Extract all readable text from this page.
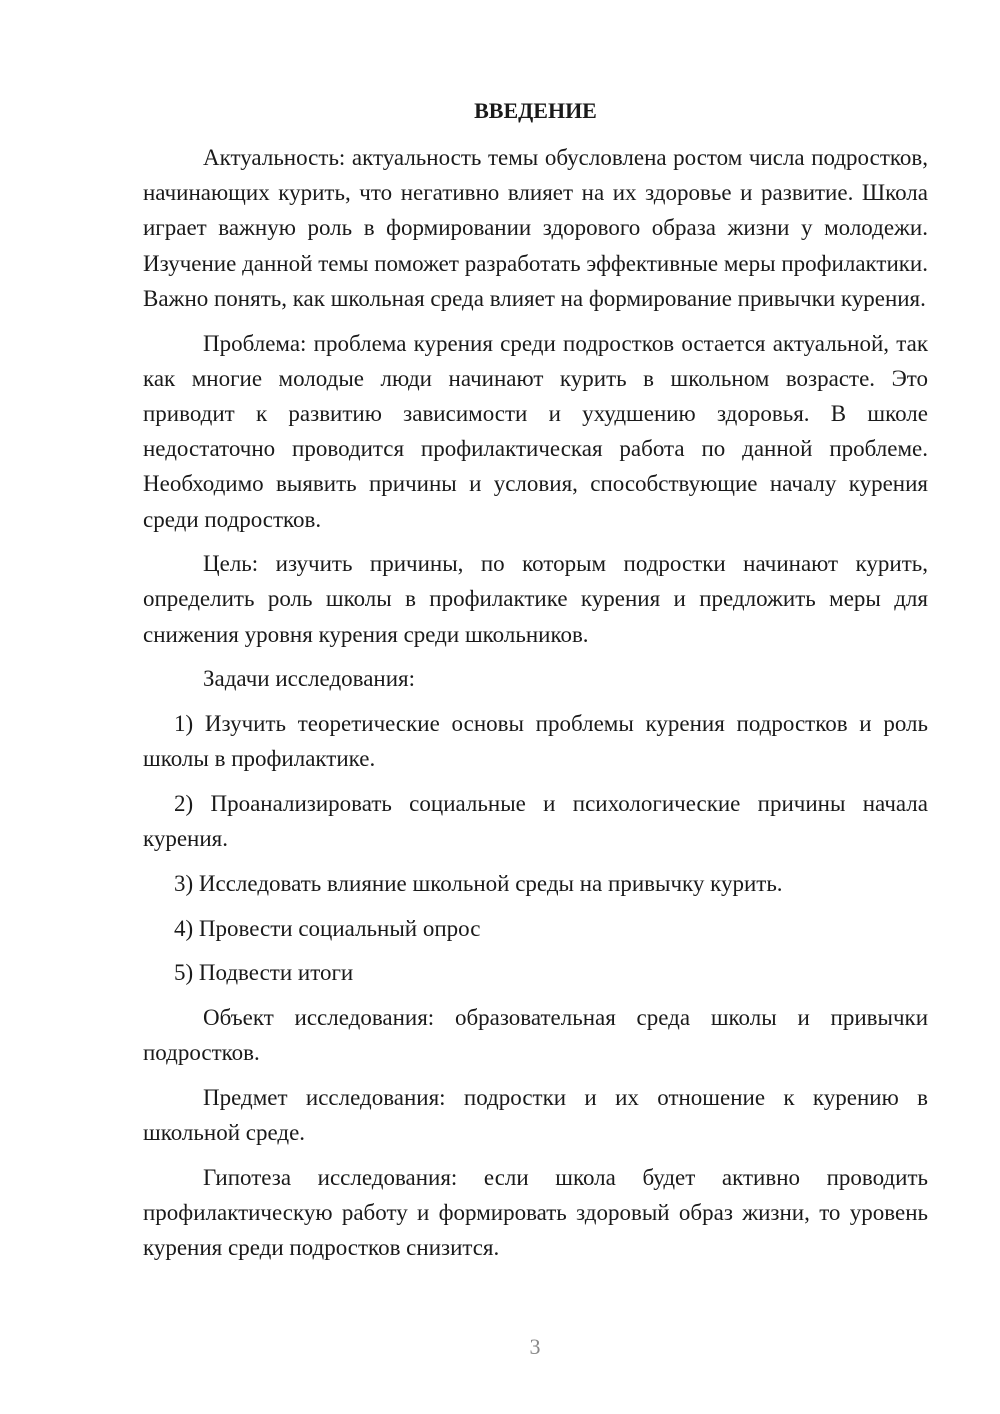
ВВЕДЕНИЕ

Актуальность: актуальность темы обусловлена ростом числа подростков, начинающих курить, что негативно влияет на их здоровье и развитие. Школа играет важную роль в формировании здорового образа жизни у молодежи. Изучение данной темы поможет разработать эффективные меры профилактики. Важно понять, как школьная среда влияет на формирование привычки курения.

Проблема: проблема курения среди подростков остается актуальной, так как многие молодые люди начинают курить в школьном возрасте. Это приводит к развитию зависимости и ухудшению здоровья. В школе недостаточно проводится профилактическая работа по данной проблеме. Необходимо выявить причины и условия, способствующие началу курения среди подростков.

Цель: изучить причины, по которым подростки начинают курить, определить роль школы в профилактике курения и предложить меры для снижения уровня курения среди школьников.

Задачи исследования:

1) Изучить теоретические основы проблемы курения подростков и роль школы в профилактике.

2) Проанализировать социальные и психологические причины начала курения.

3) Исследовать влияние школьной среды на привычку курить.

4) Провести социальный опрос

5) Подвести итоги

Объект исследования: образовательная среда школы и привычки подростков.

Предмет исследования: подростки и их отношение к курению в школьной среде.

Гипотеза исследования: если школа будет активно проводить профилактическую работу и формировать здоровый образ жизни, то уровень курения среди подростков снизится.

3
